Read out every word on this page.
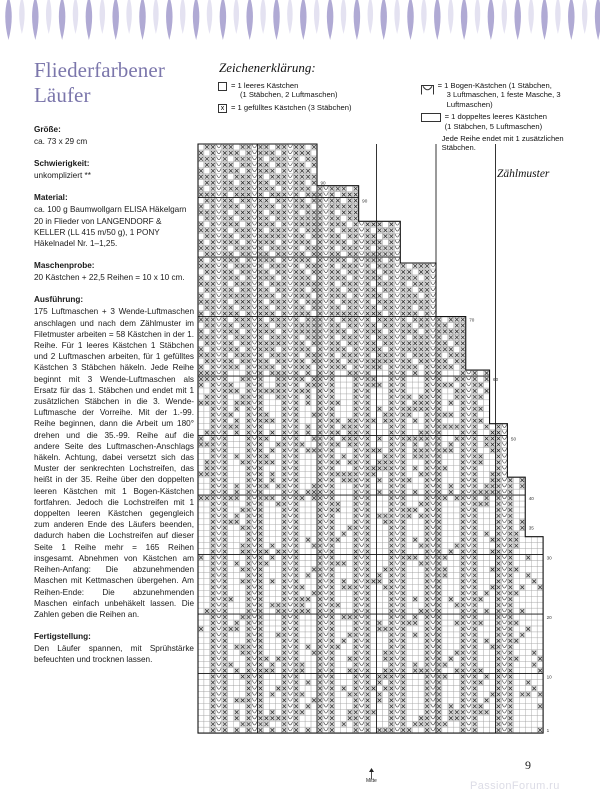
Fliederfarbener
Läufer
Größe:

ca. 73 x 29 cm

Schwierigkeit:

unkompliziert **

Material:

ca. 100 g Baumwollgarn ELISA Häkelgarn 20 in Flieder von LANGENDORF & KELLER (LL 415 m/50 g), 1 PONY Häkelnadel Nr. 1–1,25.

Maschenprobe:

20 Kästchen + 22,5 Reihen = 10 x 10 cm.

Ausführung:

175 Luftmaschen + 3 Wende-Luftmaschen anschlagen und nach dem Zählmuster im Filetmuster arbeiten = 58 Kästchen in der 1. Reihe. Für 1 leeres Kästchen 1 Stäbchen und 2 Luftmaschen arbeiten, für 1 gefülltes Kästchen 3 Stäbchen häkeln. Jede Reihe beginnt mit 3 Wende-Luftmaschen als Ersatz für das 1. Stäbchen und endet mit 1 zusätzlichen Stäbchen in die 3. Wende-Luftmasche der Vorreihe. Mit der 1.-99. Reihe beginnen, dann die Arbeit um 180° drehen und die 35.-99. Reihe auf die andere Seite des Luftmaschen-Anschlags häkeln. Achtung, dabei versetzt sich das Muster der senkrechten Lochstreifen, das heißt in der 35. Reihe über den doppelten leeren Kästchen mit 1 Bogen-Kästchen fortfahren. Jedoch die Lochstreifen mit 1 doppelten leeren Kästchen gegengleich zum anderen Ende des Läufers beenden, dadurch haben die Lochstreifen auf dieser Seite 1 Reihe mehr = 165 Reihen insgesamt. Abnehmen von Kästchen am Reihen-Anfang: Die abzunehmenden Maschen mit Kettmaschen übergehen. Am Reihen-Ende: Die abzunehmenden Maschen einfach unbehäkelt lassen. Die Zahlen geben die Reihen an.

Fertigstellung:

Den Läufer spannen, mit Sprühstärke befeuchten und trocknen lassen.

Zeichenerklärung:
= 1 leeres Kästchen
(1 Stäbchen, 2 Luftmaschen)
x = 1 gefülltes Kästchen (3 Stäbchen)
= 1 Bogen-Kästchen (1 Stäbchen,
3 Luftmaschen, 1 feste Masche, 3 Luftmaschen)
= 1 doppeltes leeres Kästchen
(1 Stäbchen, 5 Luftmaschen)
Jede Reihe endet mit 1 zusätzlichen Stäbchen.
Zählmuster
1
10
20
30
35
40
50
60
70
90
90
Mitte
9
PassionForum.ru
